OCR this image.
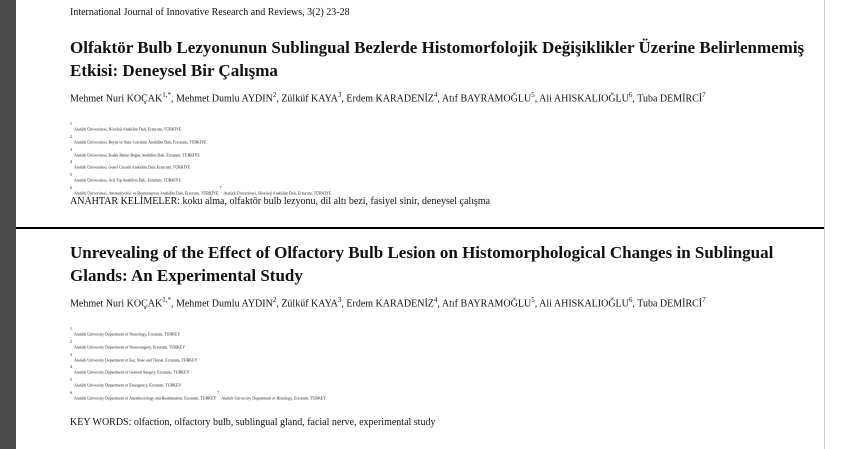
International Journal of Innovative Research and Reviews, 3(2) 23-28
Olfaktör Bulb Lezyonunun Sublingual Bezlerde Histomorfolojik Değişiklikler Üzerine Belirlenmemiş Etkisi: Deneysel Bir Çalışma
Mehmet Nuri $KOÇAK^{1,*}$, Mehmet Dumlu AYDIN$^2$, Zülküf KAYA$^3$, Erdem KARADENİZ$^4$, Atıf BAYRAMOĞLU$^5$, Ali AHISKALIOĞLU$^6$, Tuba DEMİRCİ$^7$
$^1$Atatürk Üniversitesi, Nöroloji Anabilim Dalı, Erzurum, TÜRKİYE
$^2$Atatürk Üniversitesi, Beyin ve Sinir Cerrahisi Anabilim Dalı, Erzurum, TÜRKİYE
$^3$Atatürk Üniversitesi, Kulak Burun Boğaz Anabilim Dalı, Erzurum, TÜRKİYE
$^4$Atatürk Üniversitesi, Genel Cerrahi Anabilim Dalı, Erzurum, TÜRKİYE
$^5$Atatürk Üniversitesi, Acil Tıp Anabilim Dalı, Erzurum, TÜRKİYE
$^6$Atatürk Üniversitesi, Anesteziyoloji ve Reanimasyon Anabilim Dalı, Erzurum, TÜRKİYE $^7$Atatürk Üniversitesi, Histoloji Anabilim Dalı, Erzurum, TÜRKİYE
ANAHTAR KELİMELER: koku alma, olfaktör bulb lezyonu, dil altı bezi, fasiyel sinir, deneysel çalışma
Unrevealing of the Effect of Olfactory Bulb Lesion on Histomorphological Changes in Sublingual Glands: An Experimental Study
Mehmet Nuri $KOÇAK^{1,*}$, Mehmet Dumlu AYDIN$^2$, Zülküf KAYA$^3$, Erdem KARADENİZ$^4$, Atıf BAYRAMOĞLU$^5$, Ali AHISKALIOĞLU$^6$, Tuba DEMİRCİ$^7$
$^1$Atatürk University Department of Neurology, Erzurum, TURKEY
$^2$Atatürk University Department of Neurosurgery, Erzurum, TURKEY
$^3$Atatürk University Department of Ear, Nose and Throat, Erzurum, TURKEY
$^4$Atatürk University Department of General Surgery, Erzurum, TURKEY
$^5$Atatürk University Department of Emergency, Erzurum, TURKEY
$^6$Atatürk University Department of Anesthesiology and Reanimation, Erzurum, TURKEY $^7$Atatürk University Department of Histology, Erzurum, TURKEY
KEY WORDS: olfaction, olfactory bulb, sublingual gland, facial nerve, experimental study
